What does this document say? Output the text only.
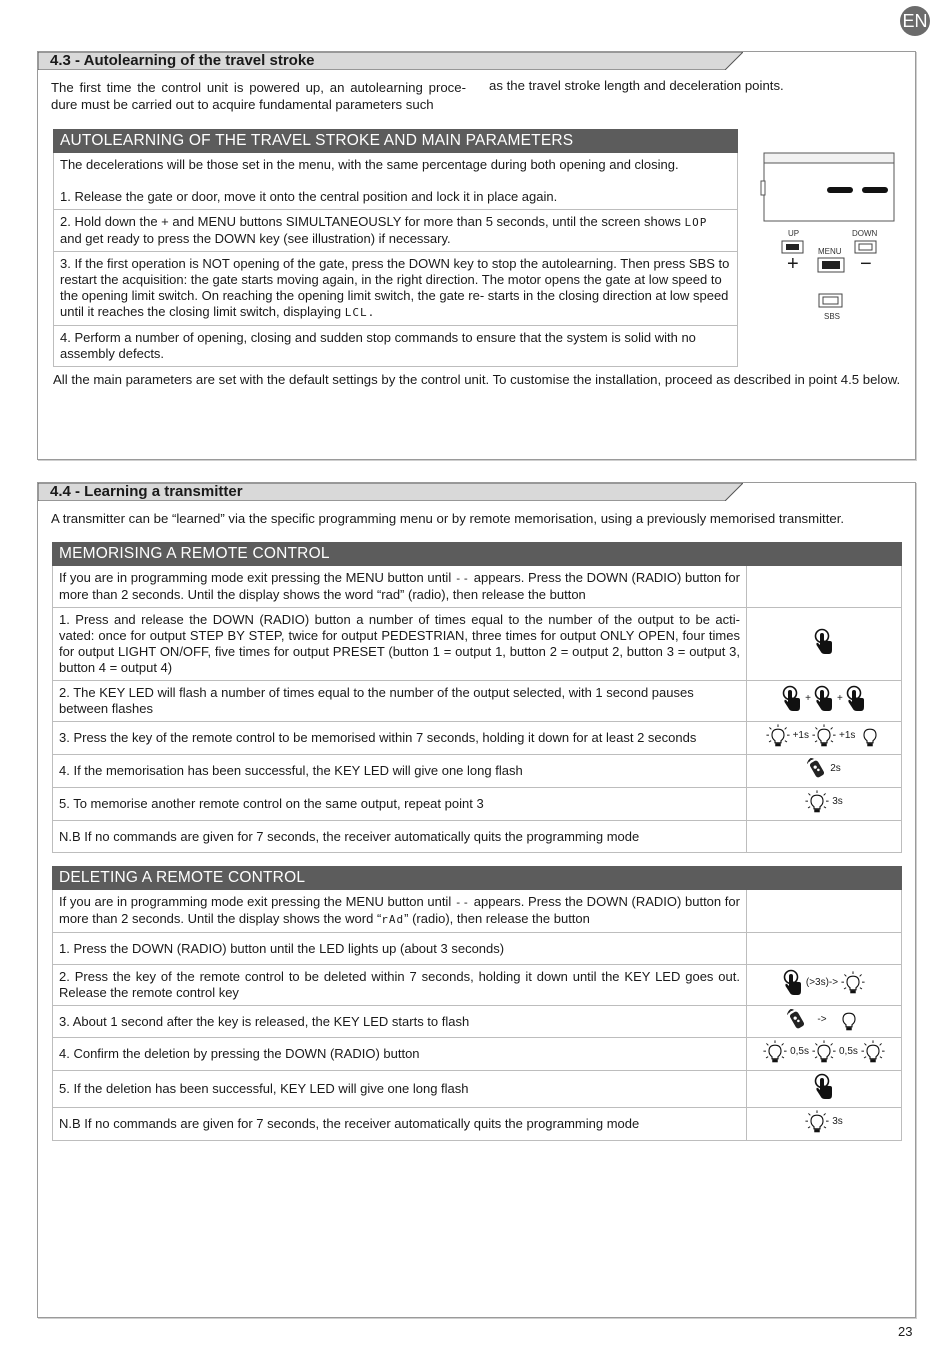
EN
4.3 - Autolearning of the travel stroke
The first time the control unit is powered up, an autolearning proce- dure must be carried out to acquire fundamental parameters such
as the travel stroke length and deceleration points.
AUTOLEARNING OF THE TRAVEL STROKE AND MAIN PARAMETERS

The decelerations will be those set in the menu, with the same percentage during both opening and closing.
1. Release the gate or door, move it onto the central position and lock it in place again.

2. Hold down the + and MENU buttons SIMULTANEOUSLY for more than 5 seconds, until the screen shows LOP and get ready to press the DOWN key (see illustration) if necessary.
3. If the first operation is NOT opening of the gate, press the DOWN key to stop the autolearning. Then press SBS to restart the acquisition: the gate starts moving again, in the right direction. The motor opens the gate at low speed to the opening limit switch. On reaching the opening limit switch, the gate re- starts in the closing direction at low speed until it reaches the closing limit switch, displaying LCL.
4. Perform a number of opening, closing and sudden stop commands to ensure that the system is solid with no assembly defects.
UP	DOWN
MENU
+	−
SBS
All the main parameters are set with the default settings by the control unit. To customise the installation, proceed as described in point 4.5 below.
4.4 - Learning a transmitter
A transmitter can be “learned” via the specific programming menu or by remote memorisation, using a previously memorised transmitter.
MEMORISING A REMOTE CONTROL	
If you are in programming mode exit pressing the MENU button until -- appears. Press the DOWN (RADIO) button for more than 2 seconds. Until the display shows the word “rad” (radio), then release the button	
1. Press and release the DOWN (RADIO) button a number of times equal to the number of the output to be acti- vated: once for output STEP BY STEP, twice for output PEDESTRIAN, three times for output ONLY OPEN, four times for output LIGHT ON/OFF, five times for output PRESET (button 1 = output 1, button 2 = output 2, button 3 = output 3, button 4 = output 4)	
2. The KEY LED will flash a number of times equal to the number of the output selected, with 1 second pauses between flashes	+ +

3. Press the key of the remote control to be memorised within 7 seconds, holding it down for at least 2 seconds	+1s +1s

4. If the memorisation has been successful, the KEY LED will give one long flash	2s

5. To memorise another remote control on the same output, repeat point 3	3s

N.B If no commands are given for 7 seconds, the receiver automatically quits the programming mode	
DELETING A REMOTE CONTROL	
If you are in programming mode exit pressing the MENU button until -- appears. Press the DOWN (RADIO) button for more than 2 seconds. Until the display shows the word “rAd” (radio), then release the button	
1. Press the DOWN (RADIO) button until the LED lights up (about 3 seconds)	
2. Press the key of the remote control to be deleted within 7 seconds, holding it down until the KEY LED goes out. Release the remote control key	(>3s)->

3. About 1 second after the key is released, the KEY LED starts to flash	->

4. Confirm the deletion by pressing the DOWN (RADIO) button	0,5s 0,5s

5. If the deletion has been successful, KEY LED will give one long flash	
N.B If no commands are given for 7 seconds, the receiver automatically quits the programming mode	3s
23
